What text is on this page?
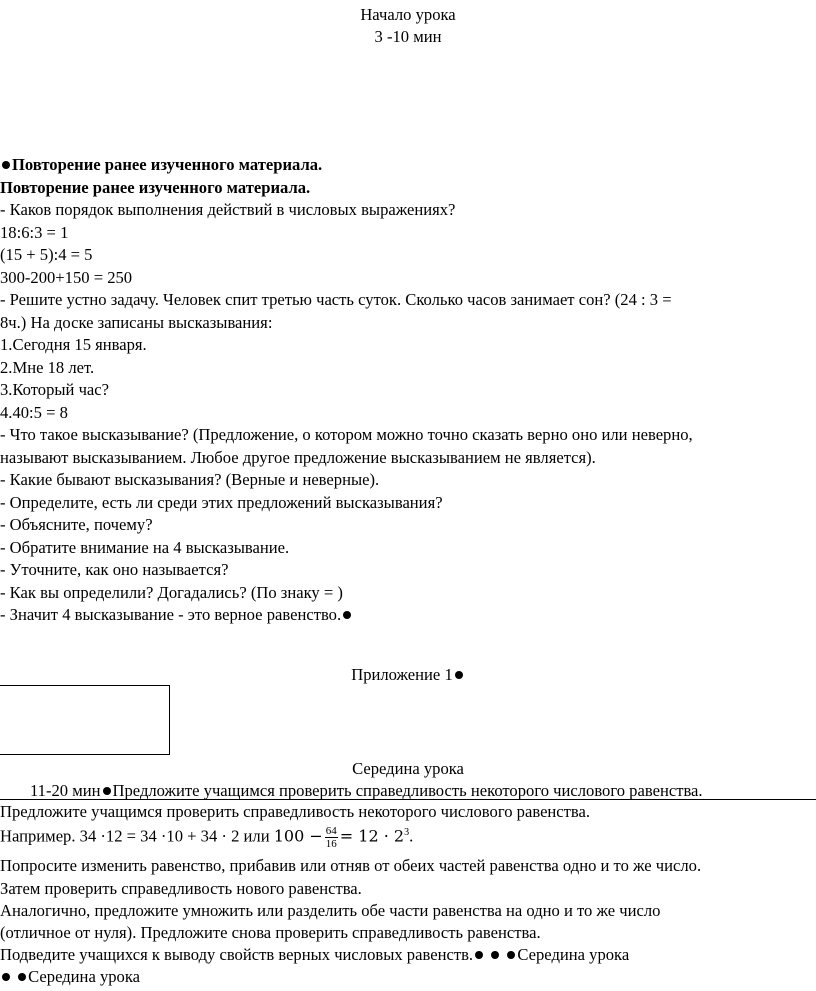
Начало урока
3 -10 мин
Повторение ранее изученного материала.
Повторение ранее изученного материала.
- Каков порядок выполнения действий в числовых выражениях?
18:6:3 = 1
(15 + 5):4 = 5
300-200+150 = 250
- Решите устно задачу. Человек спит третью часть суток. Сколько часов занимает сон? (24 : 3 =
8ч.) На доске записаны высказывания:
1.Сегодня 15 января.
2.Мне 18 лет.
3.Который час?
4.40:5 = 8
- Что такое высказывание? (Предложение, о котором можно точно сказать верно оно или неверно,
называют высказыванием. Любое другое предложение высказыванием не является).
- Какие бывают высказывания? (Верные и неверные).
- Определите, есть ли среди этих предложений высказывания?
- Объясните, почему?
- Обратите внимание на 4 высказывание.
- Уточните, как оно называется?
- Как вы определили? Догадались? (По знаку = )
- Значит 4 высказывание - это верное равенство.
Приложение 1
Середина урока
11-20 мин Предложите учащимся проверить справедливость некоторого числового равенства.
Предложите учащимся проверить справедливость некоторого числового равенства.
Например. 34 ·12 = 34 ·10 + 34 · 2 или $100 - \frac{64}{16} = 12 \cdot 2^3$.
Попросите изменить равенство, прибавив или отняв от обеих частей равенства одно и то же число.
Затем проверить справедливость нового равенства.
Аналогично, предложите умножить или разделить обе части равенства на одно и то же число
(отличное от нуля). Предложите снова проверить справедливость равенства.
Подведите учащихся к выводу свойств верных числовых равенств.	Середина урока
Середина урока
